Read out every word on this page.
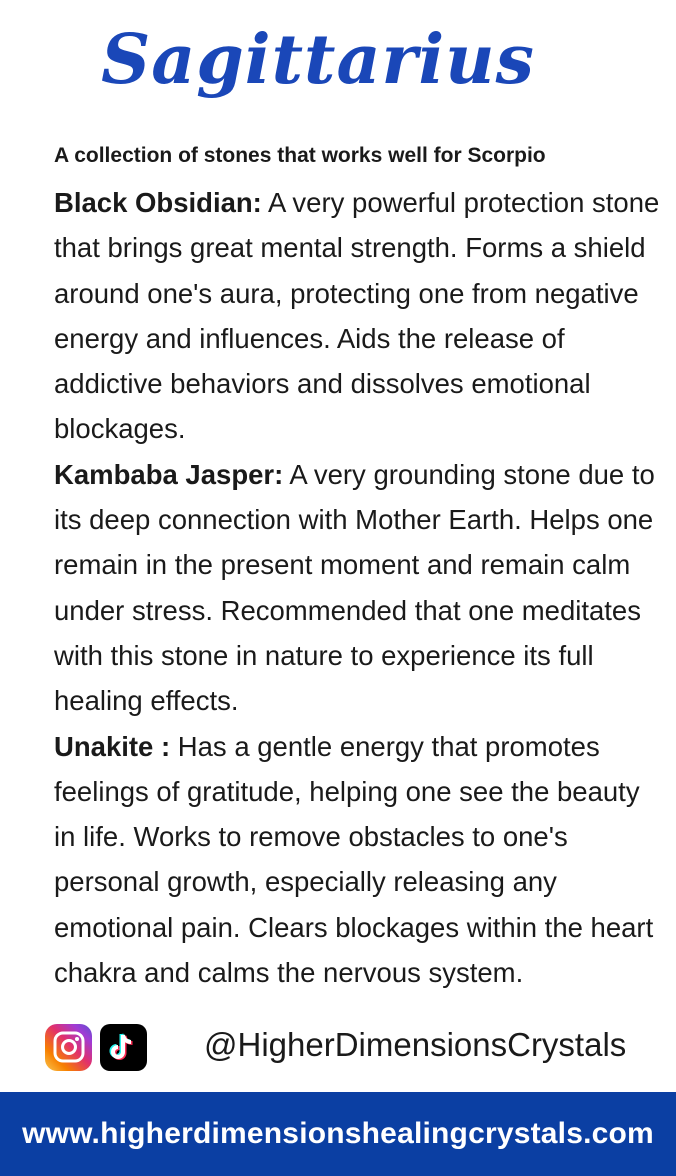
Sagittarius
A collection of stones that works well for Scorpio

Black Obsidian: A very powerful protection stone that brings great mental strength. Forms a shield around one's aura, protecting one from negative energy and influences. Aids the release of addictive behaviors and dissolves emotional blockages.

Kambaba Jasper: A very grounding stone due to its deep connection with Mother Earth. Helps one remain in the present moment and remain calm under stress. Recommended that one meditates with this stone in nature to experience its full healing effects.

Unakite : Has a gentle energy that promotes feelings of gratitude, helping one see the beauty in life. Works to remove obstacles to one's personal growth, especially releasing any emotional pain. Clears blockages within the heart chakra and calms the nervous system.

@HigherDimensionsCrystals
www.higherdimensionshealingcrystals.com
